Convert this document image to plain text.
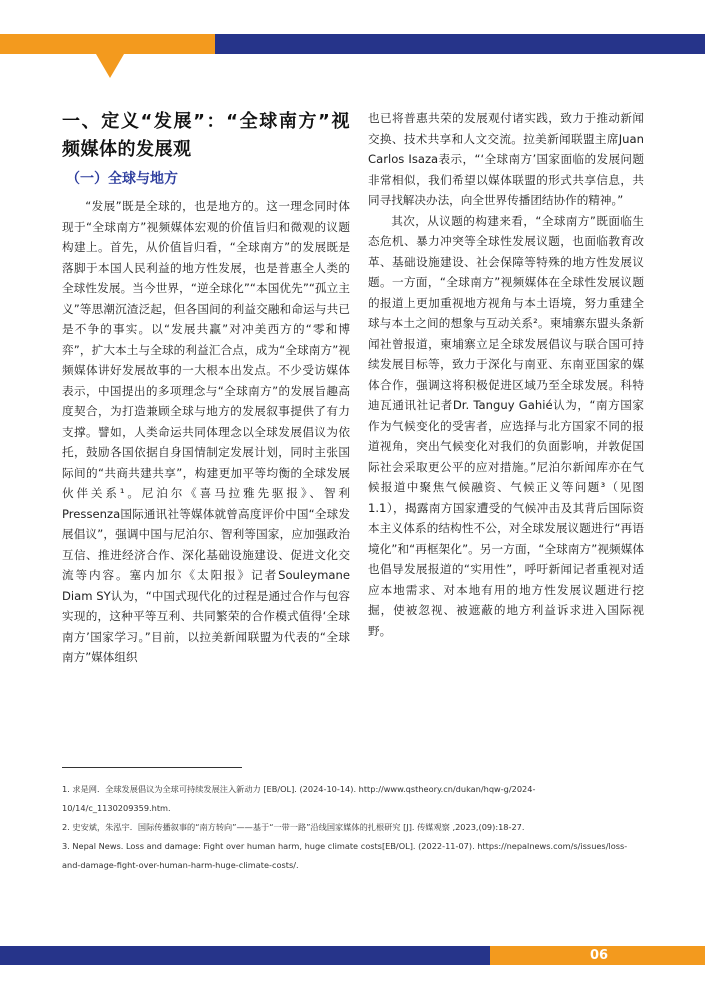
一、定义“发展”：“全球南方”视频媒体的发展观
（一）全球与地方

“发展”既是全球的，也是地方的。这一理念同时体现于“全球南方”视频媒体宏观的价值旨归和微观的议题构建上。首先，从价值旨归看，“全球南方”的发展既是落脚于本国人民利益的地方性发展，也是普惠全人类的全球性发展。当今世界，“逆全球化”“本国优先”“孤立主义”等思潮沉渣泛起，但各国间的利益交融和命运与共已是不争的事实。以“发展共赢”对冲美西方的“零和博弈”，扩大本土与全球的利益汇合点，成为“全球南方”视频媒体讲好发展故事的一大根本出发点。不少受访媒体表示，中国提出的多项理念与“全球南方”的发展旨趣高度契合，为打造兼顾全球与地方的发展叙事提供了有力支撑。譬如，人类命运共同体理念以全球发展倡议为依托，鼓励各国依据自身国情制定发展计划，同时主张国际间的“共商共建共享”，构建更加平等均衡的全球发展伙伴关系¹。尼泊尔《喜马拉雅先驱报》、智利Pressenza国际通讯社等媒体就曾高度评价中国“全球发展倡议”，强调中国与尼泊尔、智利等国家，应加强政治互信、推进经济合作、深化基础设施建设、促进文化交流等内容。塞内加尔《太阳报》记者Souleymane Diam SY认为，“中国式现代化的过程是通过合作与包容实现的，这种平等互利、共同繁荣的合作模式值得‘全球南方’国家学习。”目前，以拉美新闻联盟为代表的“全球南方”媒体组织

也已将普惠共荣的发展观付诸实践，致力于推动新闻交换、技术共享和人文交流。拉美新闻联盟主席Juan Carlos Isaza表示，“‘全球南方’国家面临的发展问题非常相似，我们希望以媒体联盟的形式共享信息，共同寻找解决办法，向全世界传播团结协作的精神。”

其次，从议题的构建来看，“全球南方”既面临生态危机、暴力冲突等全球性发展议题，也面临教育改革、基础设施建设、社会保障等特殊的地方性发展议题。一方面，“全球南方”视频媒体在全球性发展议题的报道上更加重视地方视角与本土语境，努力重建全球与本土之间的想象与互动关系²。柬埔寨东盟头条新闻社曾报道，柬埔寨立足全球发展倡议与联合国可持续发展目标等，致力于深化与南亚、东南亚国家的媒体合作，强调这将积极促进区域乃至全球发展。科特迪瓦通讯社记者Dr. Tanguy Gahié认为，“南方国家作为气候变化的受害者，应选择与北方国家不同的报道视角，突出气候变化对我们的负面影响，并敦促国际社会采取更公平的应对措施。”尼泊尔新闻库亦在气候报道中聚焦气候融资、气候正义等问题³（见图1.1），揭露南方国家遭受的气候冲击及其背后国际资本主义体系的结构性不公，对全球发展议题进行“再语境化”和“再框架化”。另一方面，“全球南方”视频媒体也倡导发展报道的“实用性”，呼吁新闻记者重视对适应本地需求、对本地有用的地方性发展议题进行挖掘，使被忽视、被遮蔽的地方利益诉求进入国际视野。

1. 求是网．全球发展倡议为全球可持续发展注入新动力 [EB/OL]. (2024-10-14). http://www.qstheory.cn/dukan/hqw-g/2024-10/14/c_1130209359.htm.

2. 史安斌，朱泓宇．国际传播叙事的“南方转向”——基于“一带一路”沿线国家媒体的扎根研究 [J]. 传媒观察 ,2023,(09):18-27.

3. Nepal News. Loss and damage: Fight over human harm, huge climate costs[EB/OL]. (2022-11-07). https://nepalnews.com/s/issues/loss-and-damage-fight-over-human-harm-huge-climate-costs/.

06
